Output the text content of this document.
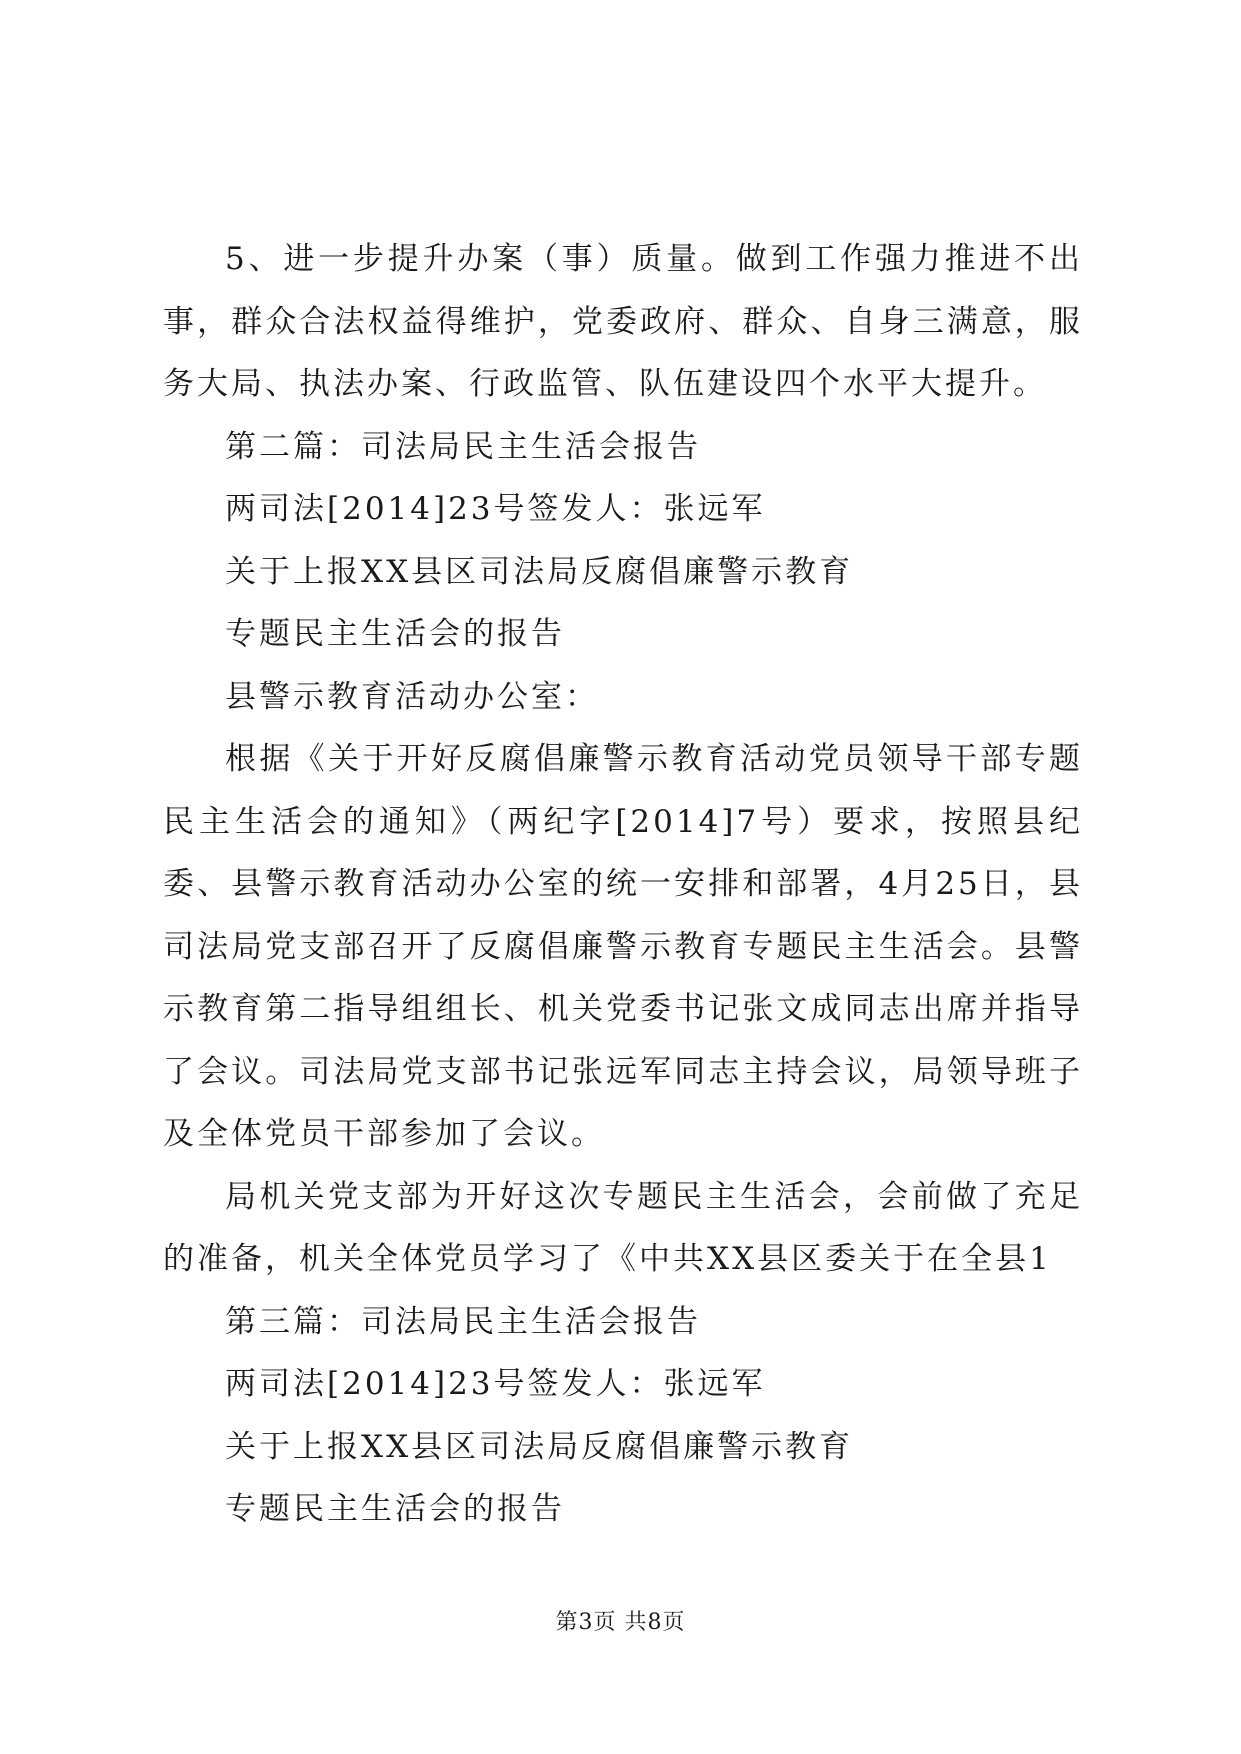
5、进一步提升办案（事）质量。做到工作强力推进不出事，群众合法权益得维护，党委政府、群众、自身三满意，服务大局、执法办案、行政监管、队伍建设四个水平大提升。

第二篇：司法局民主生活会报告

两司法[2014]23号签发人：张远军

关于上报XX县区司法局反腐倡廉警示教育

专题民主生活会的报告

县警示教育活动办公室：

根据《关于开好反腐倡廉警示教育活动党员领导干部专题民主生活会的通知》（两纪字[2014]7号）要求，按照县纪委、县警示教育活动办公室的统一安排和部署，4月25日，县司法局党支部召开了反腐倡廉警示教育专题民主生活会。县警示教育第二指导组组长、机关党委书记张文成同志出席并指导了会议。司法局党支部书记张远军同志主持会议，局领导班子及全体党员干部参加了会议。

局机关党支部为开好这次专题民主生活会，会前做了充足的准备，机关全体党员学习了《中共XX县区委关于在全县1

第三篇：司法局民主生活会报告

两司法[2014]23号签发人：张远军

关于上报XX县区司法局反腐倡廉警示教育

专题民主生活会的报告

第3页 共8页
